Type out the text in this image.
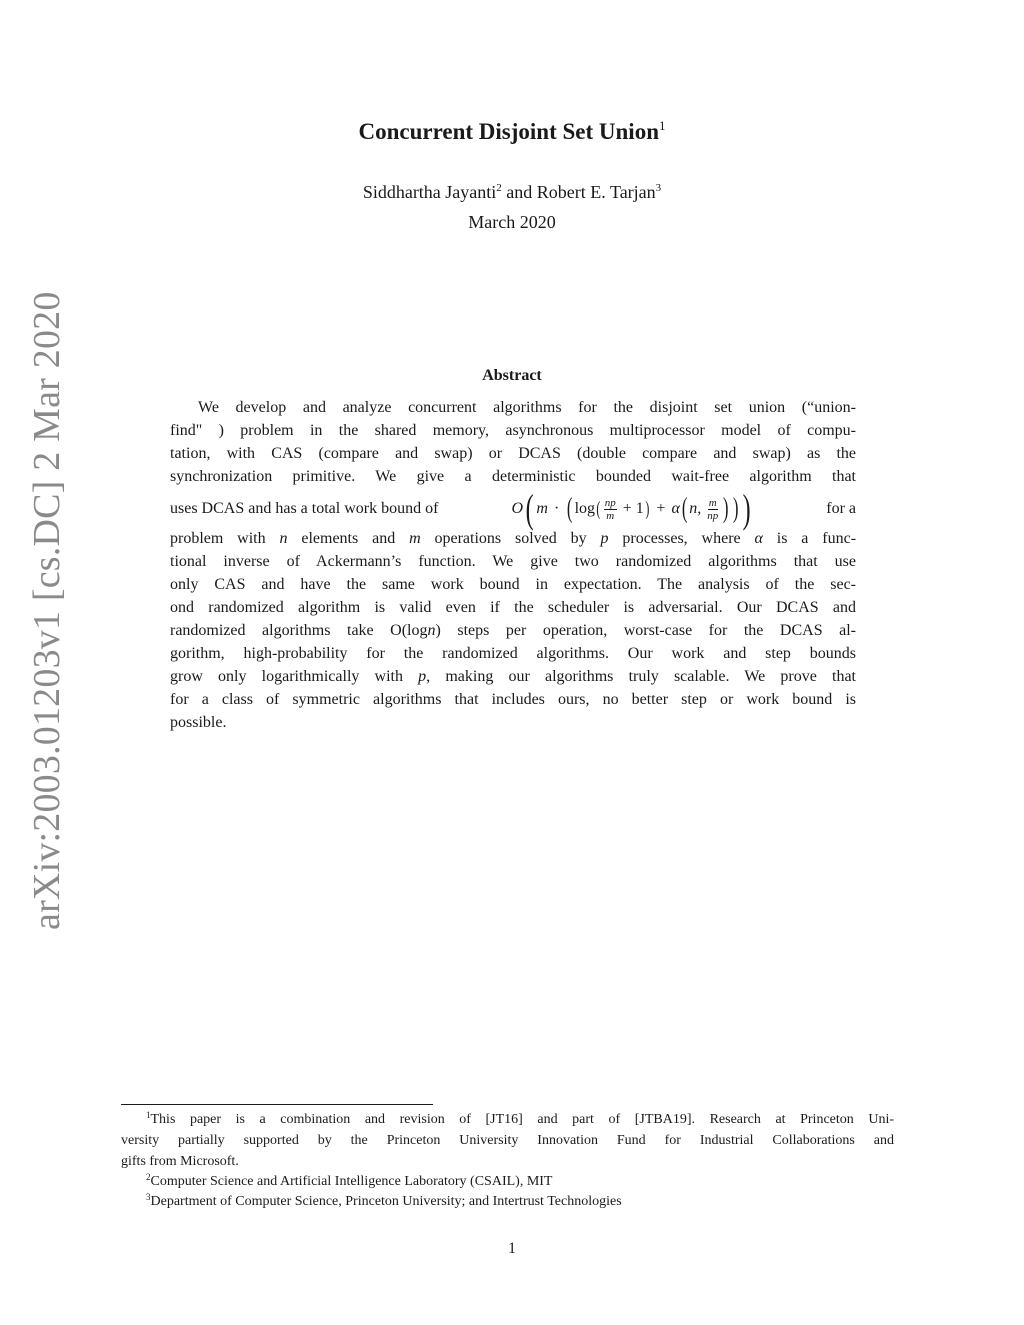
arXiv:2003.01203v1 [cs.DC] 2 Mar 2020
Concurrent Disjoint Set Union$^1$
Siddhartha Jayanti$^2$ and Robert E. Tarjan$^3$
March 2020
Abstract
We develop and analyze concurrent algorithms for the disjoint set union (“union-
find" ) problem in the shared memory, asynchronous multiprocessor model of compu-
tation, with CAS (compare and swap) or DCAS (double compare and swap) as the
synchronization primitive. We give a deterministic bounded wait-free algorithm that
uses DCAS and has a total work bound of	O ( m · ( log ( $\frac{np}{m} + 1$ ) + α ( n, $\frac{m}{np}$ ) ) )	for a
problem with n elements and m operations solved by p processes, where α is a func-
tional inverse of Ackermann’s function. We give two randomized algorithms that use
only CAS and have the same work bound in expectation. The analysis of the sec-
ond randomized algorithm is valid even if the scheduler is adversarial. Our DCAS and
randomized algorithms take O(logn) steps per operation, worst-case for the DCAS al-
gorithm, high-probability for the randomized algorithms. Our work and step bounds
grow only logarithmically with p, making our algorithms truly scalable. We prove that
for a class of symmetric algorithms that includes ours, no better step or work bound is
possible.
$^1$This paper is a combination and revision of [JT16] and part of [JTBA19]. Research at Princeton Uni-
versity partially supported by the Princeton University Innovation Fund for Industrial Collaborations and
gifts from Microsoft.
$^2$Computer Science and Artificial Intelligence Laboratory (CSAIL), MIT
$^3$Department of Computer Science, Princeton University; and Intertrust Technologies
1
